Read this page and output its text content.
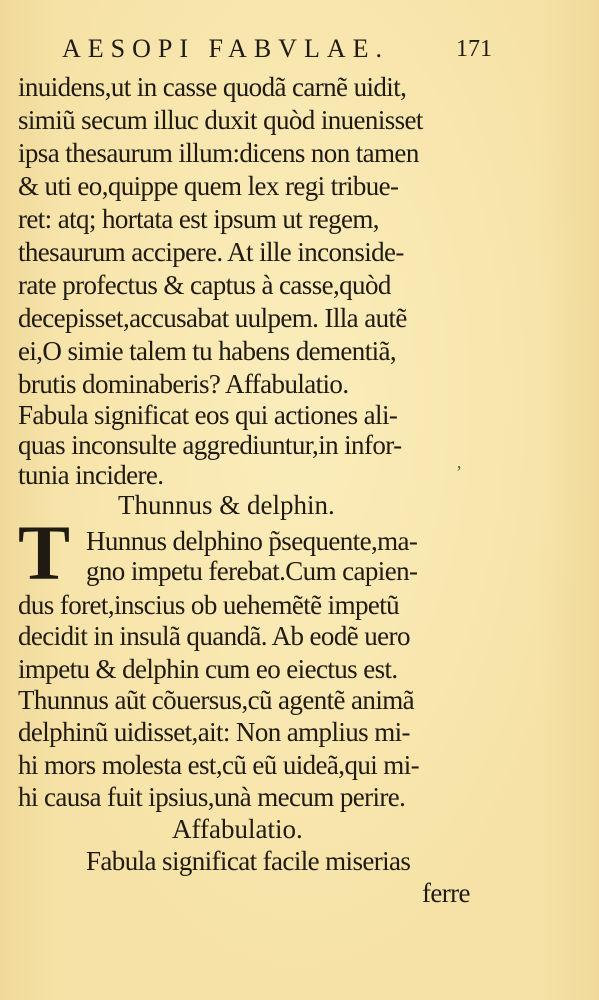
AESOPI FABVLAE.	171
inuidens,ut in casse quodã carnẽ uidit,
simiũ secum illuc duxit quòd inuenisset
ipsa thesaurum illum:dicens non tamen
& uti eo,quippe quem lex regi tribue-
ret: atq; hortata est ipsum ut regem,
thesaurum accipere. At ille inconside-
rate profectus & captus à casse,quòd
decepisset,accusabat uulpem. Illa autẽ
ei,O simie talem tu habens dementiã,
brutis dominaberis? Affabulatio.
Fabula significat eos qui actiones ali-
quas inconsulte aggrediuntur,in infor-
tunia incidere.	’
Thunnus & delphin.
T Hunnus delphino p̃sequente,ma-
gno impetu ferebat.Cum capien-
dus foret,inscius ob uehemẽtẽ impetũ
decidit in insulã quandã. Ab eodẽ uero
impetu & delphin cum eo eiectus est.
Thunnus aũt cõuersus,cũ agentẽ animã
delphinũ uidisset,ait: Non amplius mi-
hi mors molesta est,cũ eũ uideã,qui mi-
hi causa fuit ipsius,unà mecum perire.
Affabulatio.
Fabula significat facile miserias
ferre
